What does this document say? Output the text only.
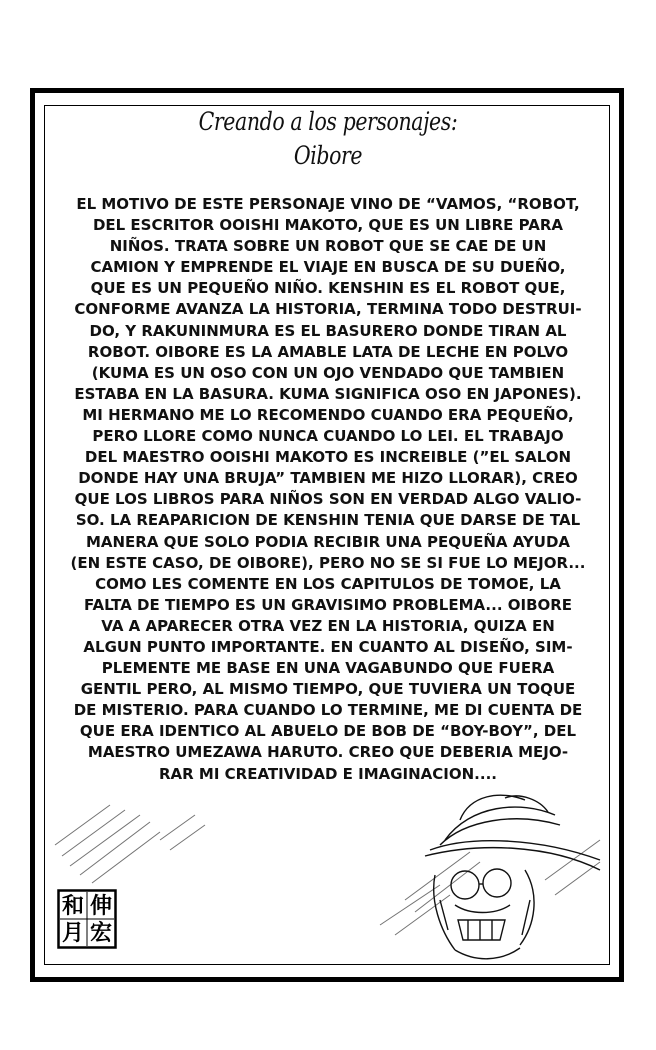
Creando a los personajes:
Oibore
EL MOTIVO DE ESTE PERSONAJE VINO DE “VAMOS, “ROBOT,
DEL ESCRITOR OOISHI MAKOTO, QUE ES UN LIBRE PARA
NIÑOS. TRATA SOBRE UN ROBOT QUE SE CAE DE UN
CAMION Y EMPRENDE EL VIAJE EN BUSCA DE SU DUEÑO,
QUE ES UN PEQUEÑO NIÑO. KENSHIN ES EL ROBOT QUE,
CONFORME AVANZA LA HISTORIA, TERMINA TODO DESTRUI-
DO, Y RAKUNINMURA ES EL BASURERO DONDE TIRAN AL
ROBOT. OIBORE ES LA AMABLE LATA DE LECHE EN POLVO
(KUMA ES UN OSO CON UN OJO VENDADO QUE TAMBIEN
ESTABA EN LA BASURA. KUMA SIGNIFICA OSO EN JAPONES).
MI HERMANO ME LO RECOMENDO CUANDO ERA PEQUEÑO,
PERO LLORE COMO NUNCA CUANDO LO LEI. EL TRABAJO
DEL MAESTRO OOISHI MAKOTO ES INCREIBLE (”EL SALON
DONDE HAY UNA BRUJA” TAMBIEN ME HIZO LLORAR), CREO
QUE LOS LIBROS PARA NIÑOS SON EN VERDAD ALGO VALIO-
SO. LA REAPARICION DE KENSHIN TENIA QUE DARSE DE TAL
MANERA QUE SOLO PODIA RECIBIR UNA PEQUEÑA AYUDA
(EN ESTE CASO, DE OIBORE), PERO NO SE SI FUE LO MEJOR...
COMO LES COMENTE EN LOS CAPITULOS DE TOMOE, LA
FALTA DE TIEMPO ES UN GRAVISIMO PROBLEMA... OIBORE
VA A APARECER OTRA VEZ EN LA HISTORIA, QUIZA EN
ALGUN PUNTO IMPORTANTE. EN CUANTO AL DISEÑO, SIM-
PLEMENTE ME BASE EN UNA VAGABUNDO QUE FUERA
GENTIL PERO, AL MISMO TIEMPO, QUE TUVIERA UN TOQUE
DE MISTERIO. PARA CUANDO LO TERMINE, ME DI CUENTA DE
QUE ERA IDENTICO AL ABUELO DE BOB DE “BOY-BOY”, DEL
MAESTRO UMEZAWA HARUTO. CREO QUE DEBERIA MEJO-
RAR MI CREATIVIDAD E IMAGINACION....
伸
和
宏
月
